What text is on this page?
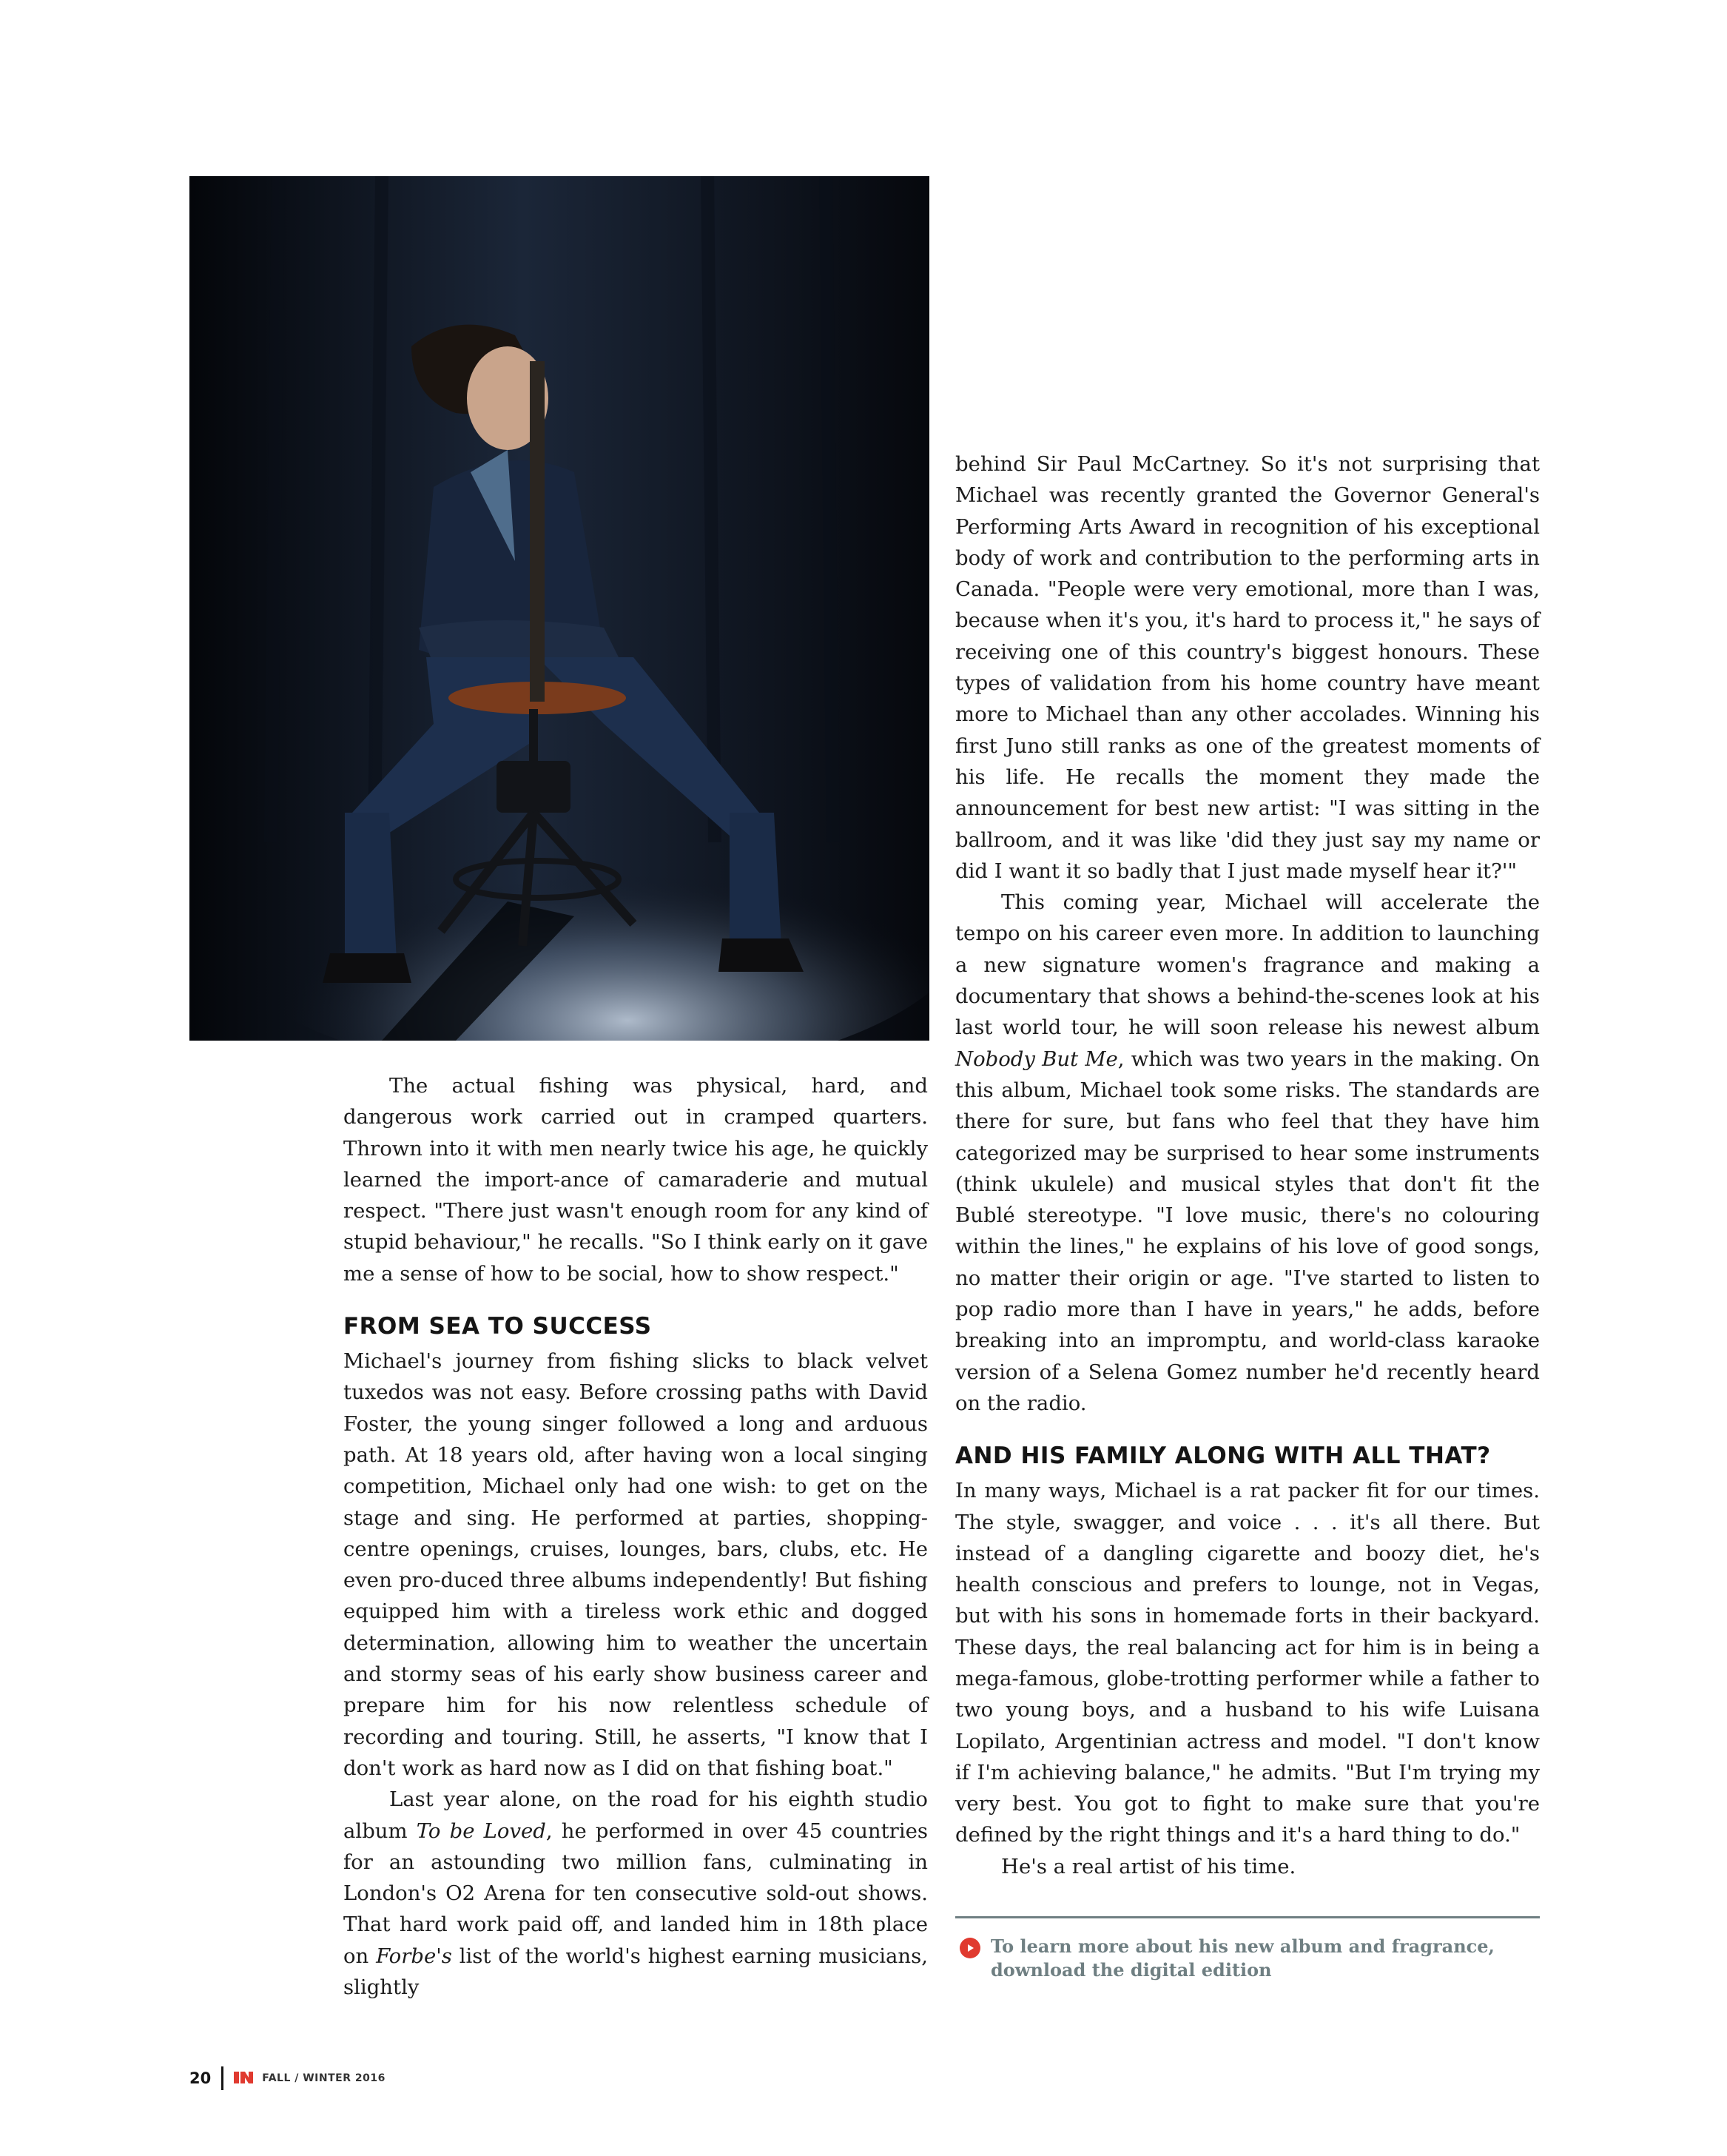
The actual fishing was physical, hard, and dangerous work carried out in cramped quarters. Thrown into it with men nearly twice his age, he quickly learned the import-ance of camaraderie and mutual respect. "There just wasn't enough room for any kind of stupid behaviour," he recalls. "So I think early on it gave me a sense of how to be social, how to show respect."

FROM SEA TO SUCCESS

Michael's journey from fishing slicks to black velvet tuxedos was not easy. Before crossing paths with David Foster, the young singer followed a long and arduous path. At 18 years old, after having won a local singing competition, Michael only had one wish: to get on the stage and sing. He performed at parties, shopping-centre openings, cruises, lounges, bars, clubs, etc. He even pro-duced three albums independently! But fishing equipped him with a tireless work ethic and dogged determination, allowing him to weather the uncertain and stormy seas of his early show business career and prepare him for his now relentless schedule of recording and touring. Still, he asserts, "I know that I don't work as hard now as I did on that fishing boat."

Last year alone, on the road for his eighth studio album To be Loved, he performed in over 45 countries for an astounding two million fans, culminating in London's O2 Arena for ten consecutive sold-out shows. That hard work paid off, and landed him in 18th place on Forbe's list of the world's highest earning musicians, slightly

behind Sir Paul McCartney. So it's not surprising that Michael was recently granted the Governor General's Performing Arts Award in recognition of his exceptional body of work and contribution to the performing arts in Canada. "People were very emotional, more than I was, because when it's you, it's hard to process it," he says of receiving one of this country's biggest honours. These types of validation from his home country have meant more to Michael than any other accolades. Winning his first Juno still ranks as one of the greatest moments of his life. He recalls the moment they made the announcement for best new artist: "I was sitting in the ballroom, and it was like 'did they just say my name or did I want it so badly that I just made myself hear it?'"

This coming year, Michael will accelerate the tempo on his career even more. In addition to launching a new signature women's fragrance and making a documentary that shows a behind-the-scenes look at his last world tour, he will soon release his newest album Nobody But Me, which was two years in the making. On this album, Michael took some risks. The standards are there for sure, but fans who feel that they have him categorized may be surprised to hear some instruments (think ukulele) and musical styles that don't fit the Bublé stereotype. "I love music, there's no colouring within the lines," he explains of his love of good songs, no matter their origin or age. "I've started to listen to pop radio more than I have in years," he adds, before breaking into an impromptu, and world-class karaoke version of a Selena Gomez number he'd recently heard on the radio.

AND HIS FAMILY ALONG WITH ALL THAT?

In many ways, Michael is a rat packer fit for our times. The style, swagger, and voice . . . it's all there. But instead of a dangling cigarette and boozy diet, he's health conscious and prefers to lounge, not in Vegas, but with his sons in homemade forts in their backyard. These days, the real balancing act for him is in being a mega-famous, globe-trotting performer while a father to two young boys, and a husband to his wife Luisana Lopilato, Argentinian actress and model. "I don't know if I'm achieving balance," he admits. "But I'm trying my very best. You got to fight to make sure that you're defined by the right things and it's a hard thing to do."

He's a real artist of his time.

To learn more about his new album and fragrance,
download the digital edition
20	FALL / WINTER 2016
